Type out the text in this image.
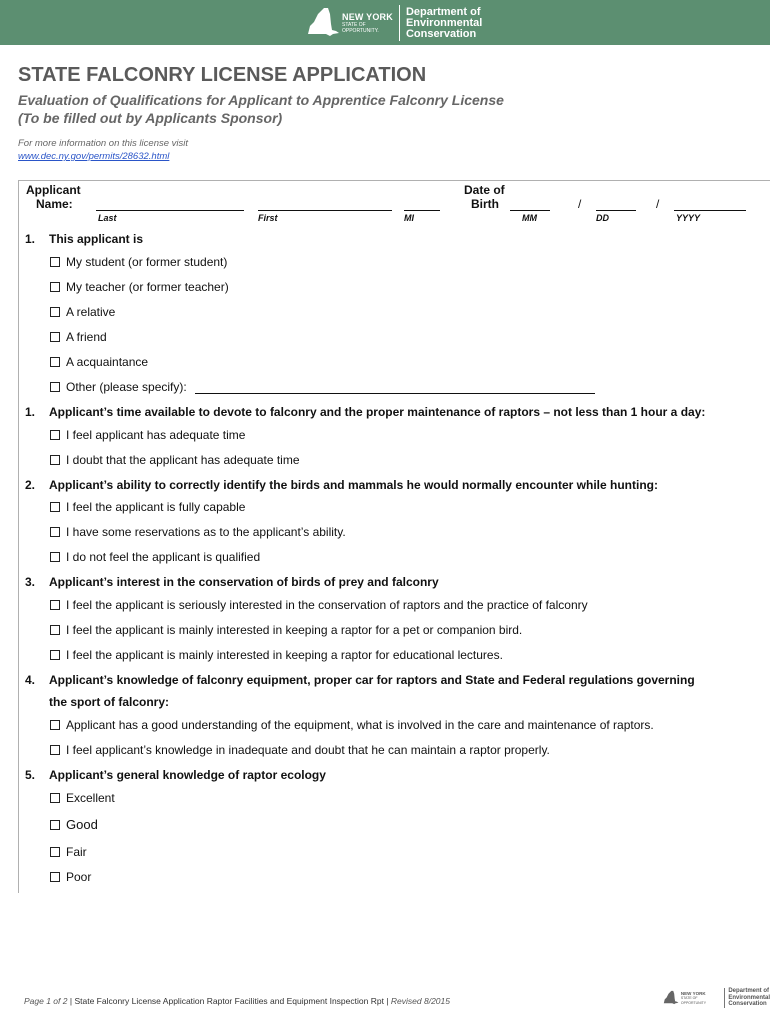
NEW YORK
STATE OF
OPPORTUNITY.
Department of
Environmental
Conservation
STATE FALCONRY LICENSE APPLICATION
Evaluation of Qualifications for Applicant to Apprentice Falconry License
(To be filled out by Applicants Sponsor)
For more information on this license visit
www.dec.ny.gov/permits/28632.html
Applicant
Name:
Last	First	MI
Date of
Birth	/	/
MM	DD	YYYY
1. This applicant is
My student (or former student)
My teacher (or former teacher)
A relative
A friend
A acquaintance
Other (please specify):
1. Applicant’s time available to devote to falconry and the proper maintenance of raptors – not less than 1 hour a day:
I feel applicant has adequate time
I doubt that the applicant has adequate time
2. Applicant’s ability to correctly identify the birds and mammals he would normally encounter while hunting:
I feel the applicant is fully capable
I have some reservations as to the applicant’s ability.
I do not feel the applicant is qualified
3. Applicant’s interest in the conservation of birds of prey and falconry
I feel the applicant is seriously interested in the conservation of raptors and the practice of falconry
I feel the applicant is mainly interested in keeping a raptor for a pet or companion bird.
I feel the applicant is mainly interested in keeping a raptor for educational lectures.
4. Applicant’s knowledge of falconry equipment, proper car for raptors and State and Federal regulations governing
the sport of falconry:
Applicant has a good understanding of the equipment, what is involved in the care and maintenance of raptors.
I feel applicant’s knowledge in inadequate and doubt that he can maintain a raptor properly.
5. Applicant’s general knowledge of raptor ecology
Excellent
Good
Fair
Poor
Page 1 of 2 | State Falconry License Application Raptor Facilities and Equipment Inspection Rpt | Revised 8/2015
NEW YORK
STATE OF OPPORTUNITY
Department of
Environmental
Conservation
